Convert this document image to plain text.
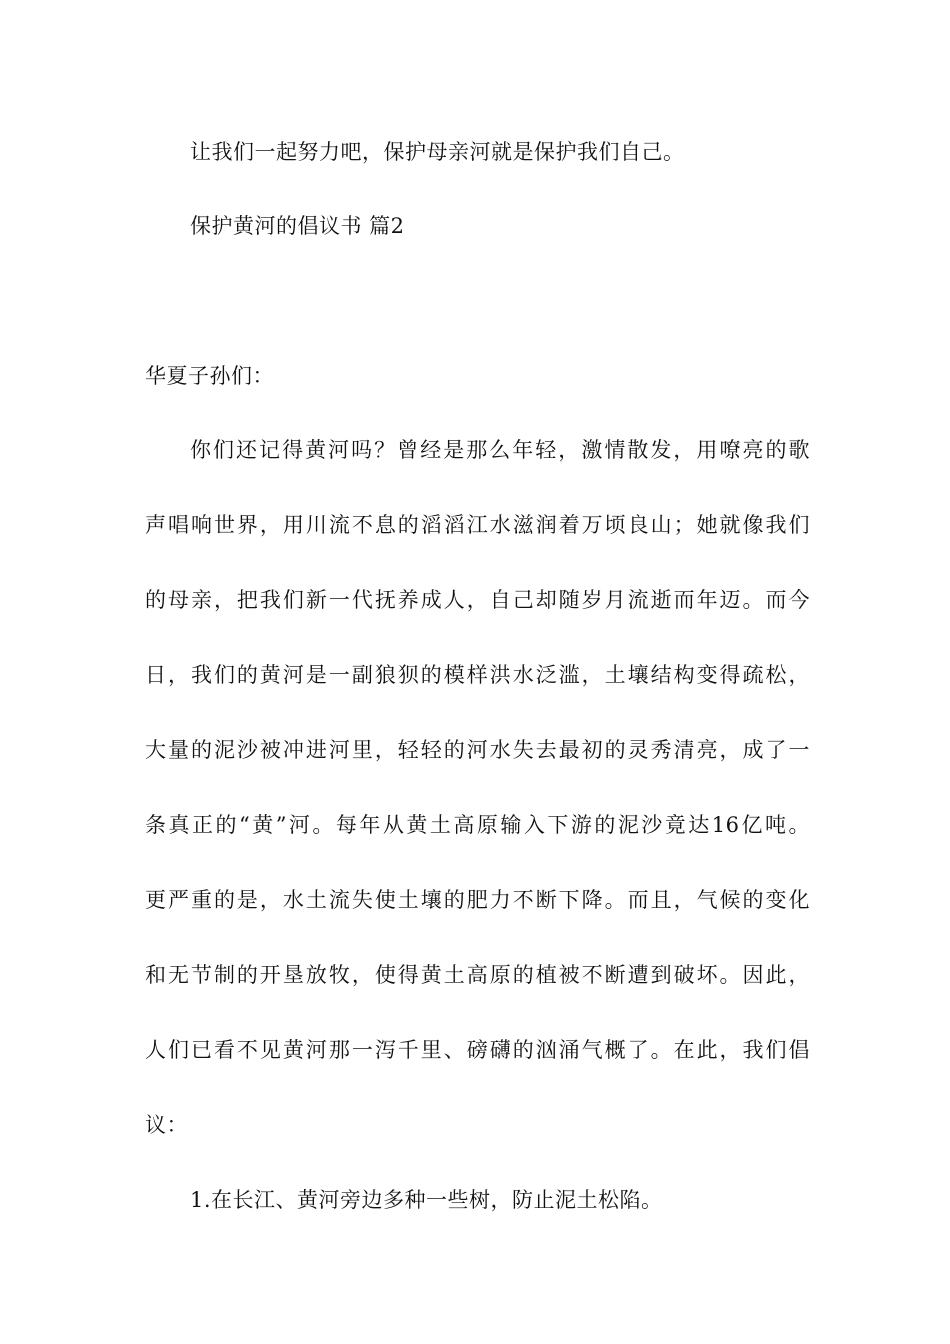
让我们一起努力吧，保护母亲河就是保护我们自己。
保护黄河的倡议书 篇2
华夏子孙们：
你们还记得黄河吗？曾经是那么年轻，激情散发，用嘹亮的歌
声唱响世界，用川流不息的滔滔江水滋润着万顷良山；她就像我们
的母亲，把我们新一代抚养成人，自己却随岁月流逝而年迈。而今
日，我们的黄河是一副狼狈的模样洪水泛滥，土壤结构变得疏松，
大量的泥沙被冲进河里，轻轻的河水失去最初的灵秀清亮，成了一
条真正的“黄”河。每年从黄土高原输入下游的泥沙竟达16亿吨。
更严重的是，水土流失使土壤的肥力不断下降。而且，气候的变化
和无节制的开垦放牧，使得黄土高原的植被不断遭到破坏。因此，
人们已看不见黄河那一泻千里、磅礴的汹涌气概了。在此，我们倡
议：
1.在长江、黄河旁边多种一些树，防止泥土松陷。
